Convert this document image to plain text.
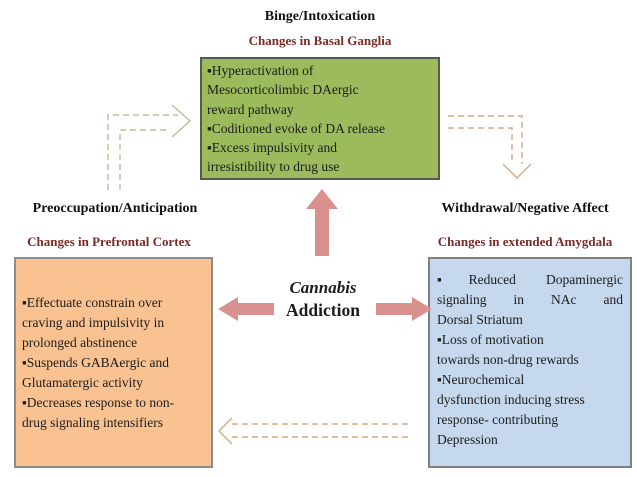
Binge/Intoxication
Changes in Basal Ganglia
Preoccupation/Anticipation
Changes in Prefrontal Cortex
Withdrawal/Negative Affect
Changes in extended Amygdala
▪Hyperactivation of
Mesocorticolimbic DAergic
reward pathway
▪Coditioned evoke of DA release
▪Excess impulsivity and
irresistibility to drug use
▪Effectuate constrain over
craving and impulsivity in
prolonged abstinence
▪Suspends GABAergic and
Glutamatergic activity
▪Decreases response to non-
drug signaling intensifiers
▪Reduced Dopaminergic
signaling in NAc and
Dorsal Striatum
▪Loss of motivation
towards non-drug rewards
▪Neurochemical
dysfunction inducing stress
response- contributing
Depression
Cannabis
Addiction
